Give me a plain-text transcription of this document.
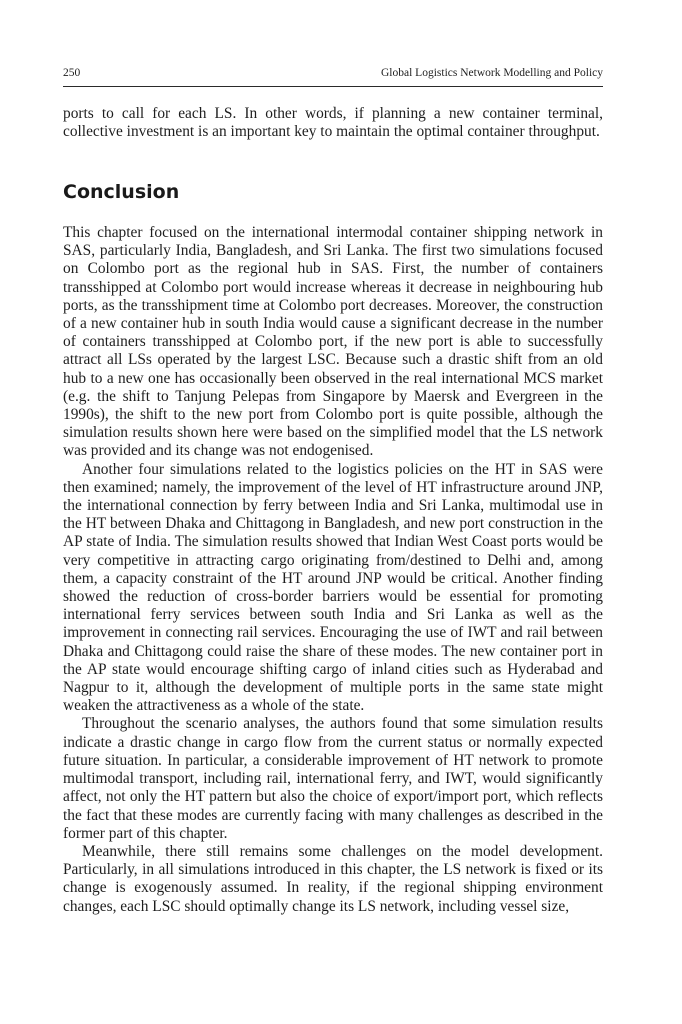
250	Global Logistics Network Modelling and Policy

ports to call for each LS. In other words, if planning a new container terminal, collective investment is an important key to maintain the optimal container throughput.

Conclusion

This chapter focused on the international intermodal container shipping network in SAS, particularly India, Bangladesh, and Sri Lanka. The first two simulations focused on Colombo port as the regional hub in SAS. First, the number of containers transshipped at Colombo port would increase whereas it decrease in neighbouring hub ports, as the transshipment time at Colombo port decreases. Moreover, the construction of a new container hub in south India would cause a significant decrease in the number of containers transshipped at Colombo port, if the new port is able to successfully attract all LSs operated by the largest LSC. Because such a drastic shift from an old hub to a new one has occasionally been observed in the real international MCS market (e.g. the shift to Tanjung Pelepas from Singapore by Maersk and Evergreen in the 1990s), the shift to the new port from Colombo port is quite possible, although the simulation results shown here were based on the simplified model that the LS network was provided and its change was not endogenised.

Another four simulations related to the logistics policies on the HT in SAS were then examined; namely, the improvement of the level of HT infrastructure around JNP, the international connection by ferry between India and Sri Lanka, multimodal use in the HT between Dhaka and Chittagong in Bangladesh, and new port construction in the AP state of India. The simulation results showed that Indian West Coast ports would be very competitive in attracting cargo originating from/destined to Delhi and, among them, a capacity constraint of the HT around JNP would be critical. Another finding showed the reduction of cross-border barriers would be essential for promoting international ferry services between south India and Sri Lanka as well as the improvement in connecting rail services. Encouraging the use of IWT and rail between Dhaka and Chittagong could raise the share of these modes. The new container port in the AP state would encourage shifting cargo of inland cities such as Hyderabad and Nagpur to it, although the development of multiple ports in the same state might weaken the attractiveness as a whole of the state.

Throughout the scenario analyses, the authors found that some simulation results indicate a drastic change in cargo flow from the current status or normally expected future situation. In particular, a considerable improvement of HT network to promote multimodal transport, including rail, international ferry, and IWT, would significantly affect, not only the HT pattern but also the choice of export/import port, which reflects the fact that these modes are currently facing with many challenges as described in the former part of this chapter.

Meanwhile, there still remains some challenges on the model development. Particularly, in all simulations introduced in this chapter, the LS network is fixed or its change is exogenously assumed. In reality, if the regional shipping environment changes, each LSC should optimally change its LS network, including vessel size,
